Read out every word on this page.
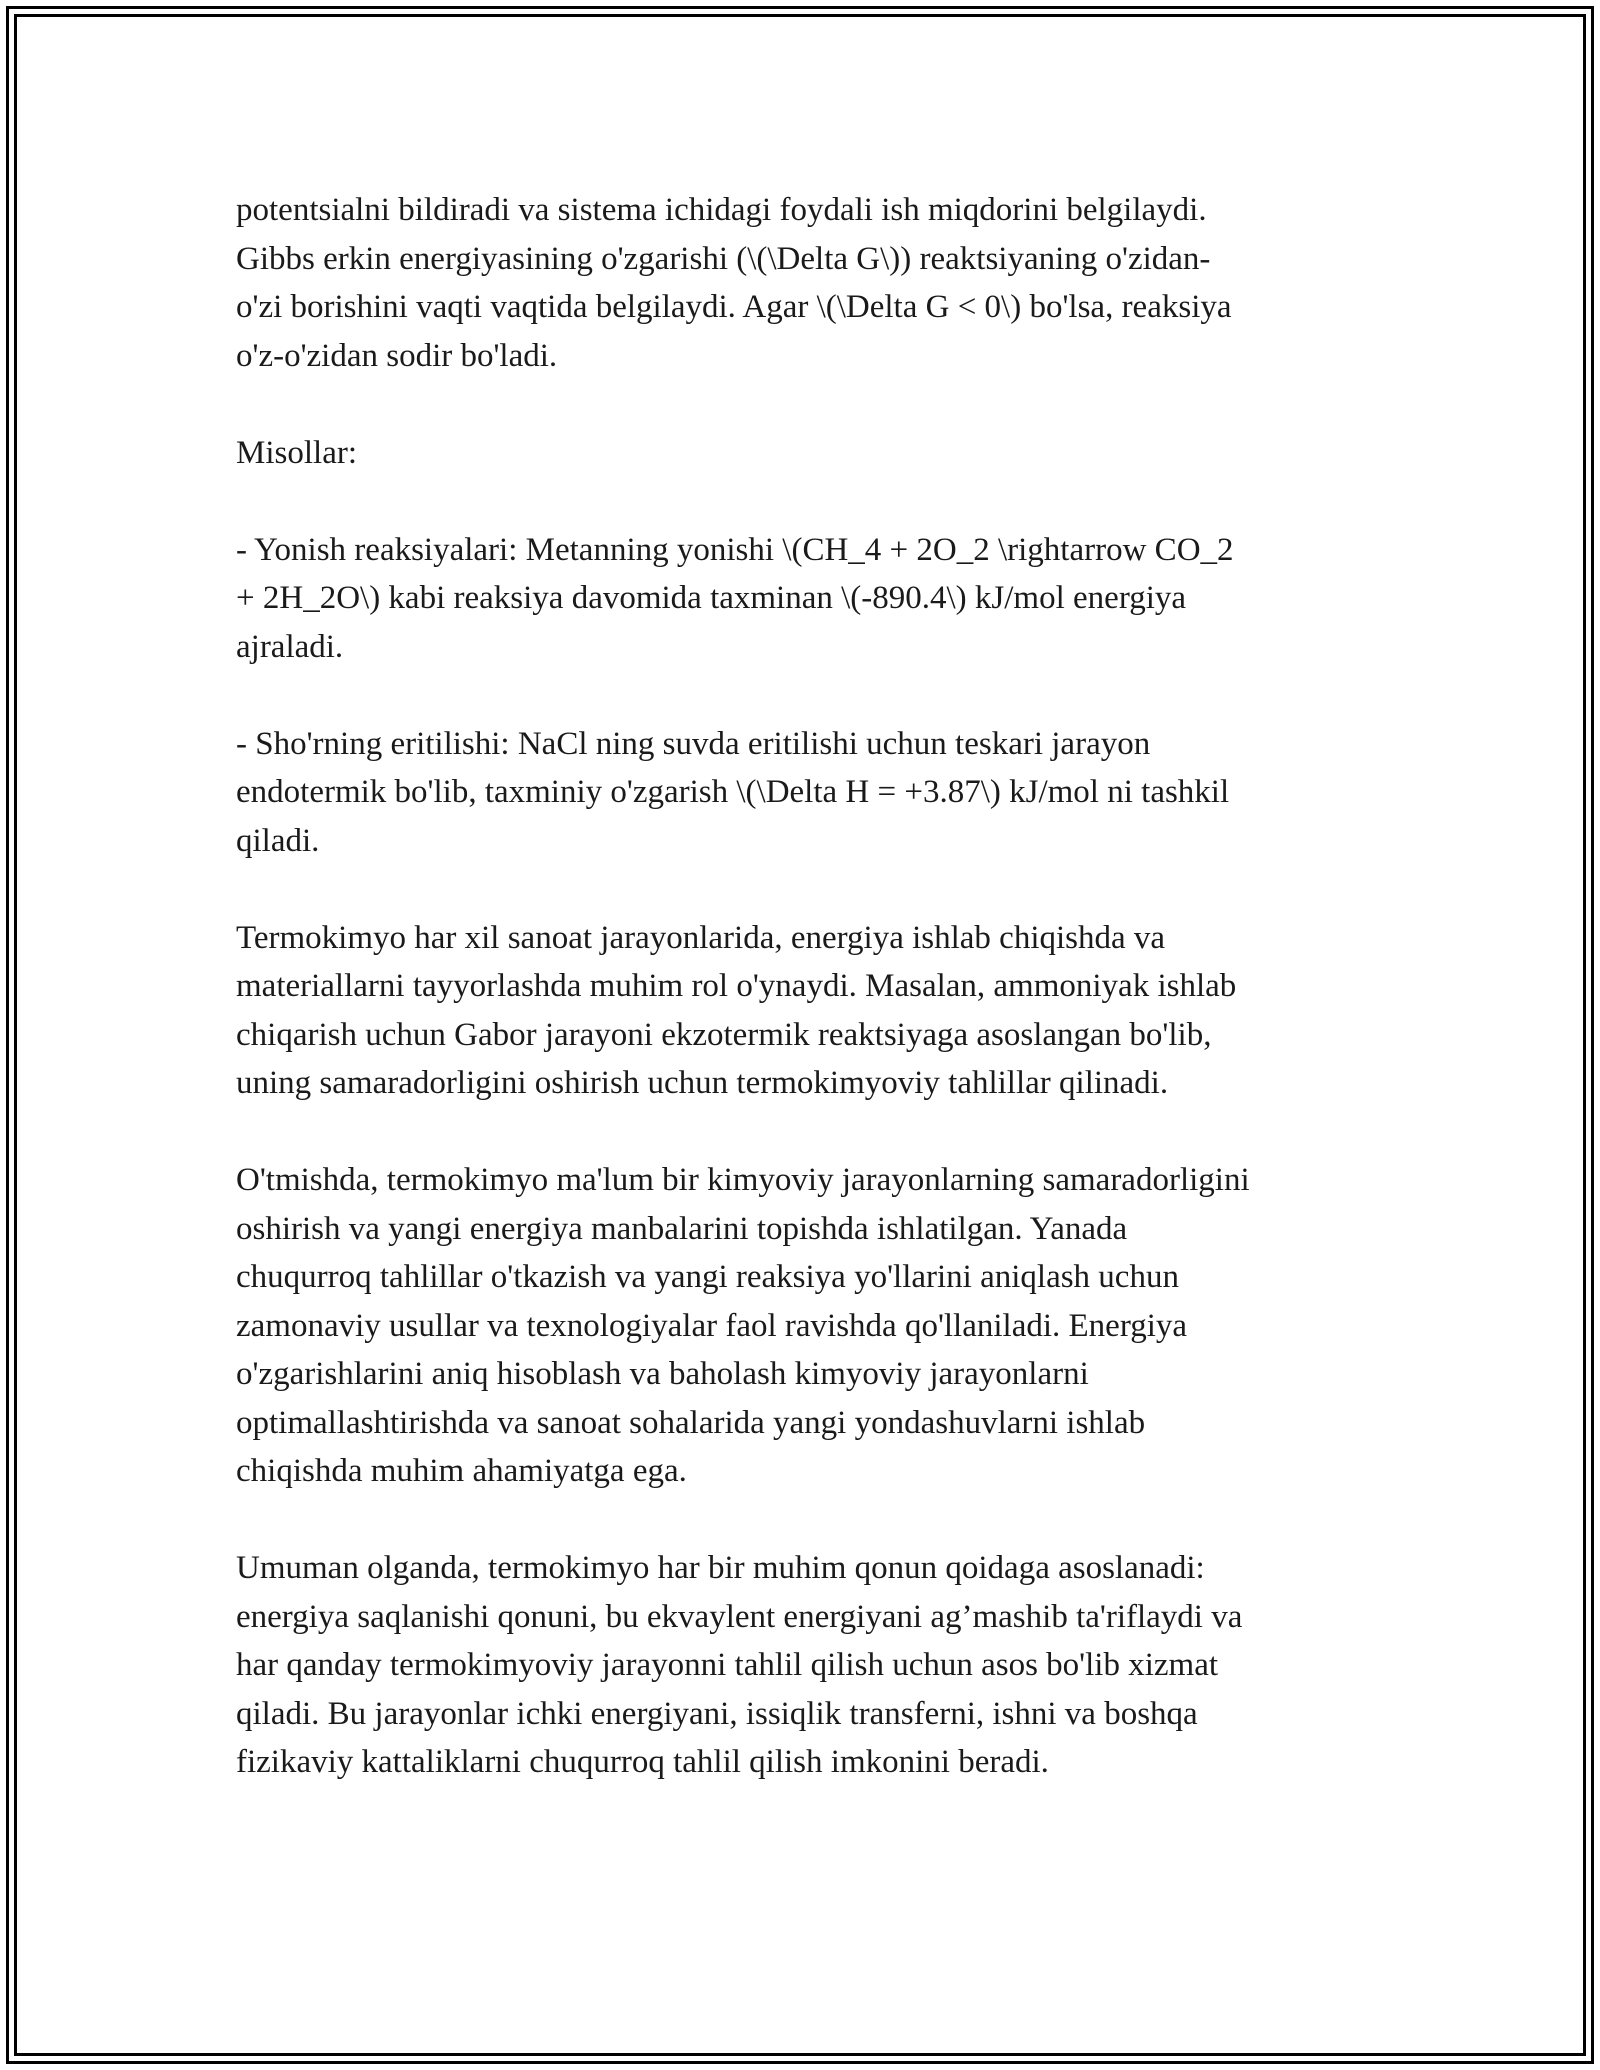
potentsialni bildiradi va sistema ichidagi foydali ish miqdorini belgilaydi.
Gibbs erkin energiyasining o'zgarishi (\(\Delta G\)) reaktsiyaning o'zidan-
o'zi borishini vaqti vaqtida belgilaydi. Agar \(\Delta G < 0\) bo'lsa, reaksiya
o'z-o'zidan sodir bo'ladi.

Misollar:

- Yonish reaksiyalari: Metanning yonishi \(CH_4 + 2O_2 \rightarrow CO_2
+ 2H_2O\) kabi reaksiya davomida taxminan \(-890.4\) kJ/mol energiya
ajraladi.

- Sho'rning eritilishi: NaCl ning suvda eritilishi uchun teskari jarayon
endotermik bo'lib, taxminiy o'zgarish \(\Delta H = +3.87\) kJ/mol ni tashkil
qiladi.

Termokimyo har xil sanoat jarayonlarida, energiya ishlab chiqishda va
materiallarni tayyorlashda muhim rol o'ynaydi. Masalan, ammoniyak ishlab
chiqarish uchun Gabor jarayoni ekzotermik reaktsiyaga asoslangan bo'lib,
uning samaradorligini oshirish uchun termokimyoviy tahlillar qilinadi.

O'tmishda, termokimyo ma'lum bir kimyoviy jarayonlarning samaradorligini
oshirish va yangi energiya manbalarini topishda ishlatilgan. Yanada
chuqurroq tahlillar o'tkazish va yangi reaksiya yo'llarini aniqlash uchun
zamonaviy usullar va texnologiyalar faol ravishda qo'llaniladi. Energiya
o'zgarishlarini aniq hisoblash va baholash kimyoviy jarayonlarni
optimallashtirishda va sanoat sohalarida yangi yondashuvlarni ishlab
chiqishda muhim ahamiyatga ega.

Umuman olganda, termokimyo har bir muhim qonun qoidaga asoslanadi:
energiya saqlanishi qonuni, bu ekvaylent energiyani ag’mashib ta'riflaydi va
har qanday termokimyoviy jarayonni tahlil qilish uchun asos bo'lib xizmat
qiladi. Bu jarayonlar ichki energiyani, issiqlik transferni, ishni va boshqa
fizikaviy kattaliklarni chuqurroq tahlil qilish imkonini beradi.
